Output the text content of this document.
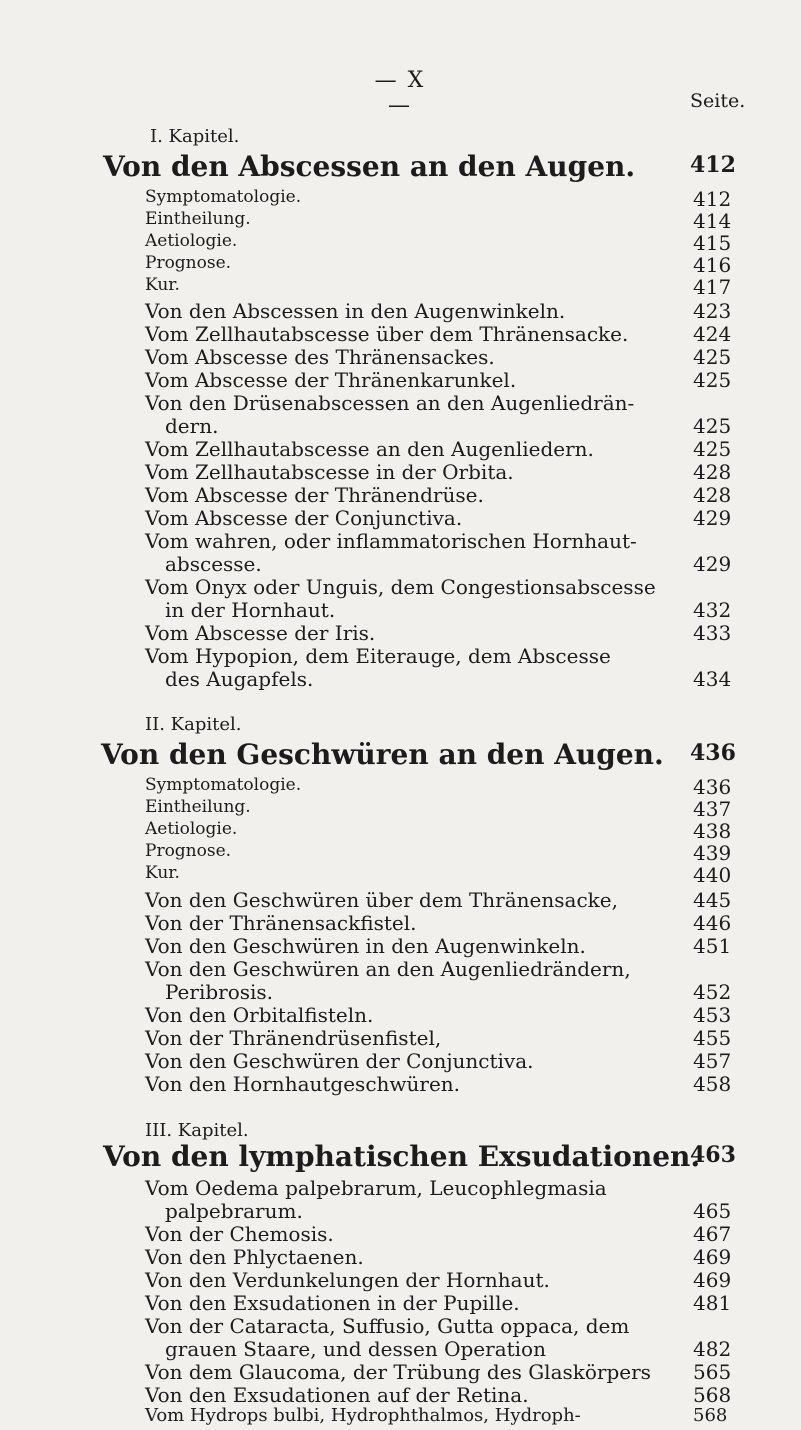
— X —	Seite.
I. Kapitel.
Von den Abscessen an den Augen. 412
Symptomatologie.	412
Eintheilung.	414
Aetiologie.	415
Prognose.	416
Kur.	417
Von den Abscessen in den Augenwinkeln.	423
Vom Zellhautabscesse über dem Thränensacke.	424
Vom Abscesse des Thränensackes.	425
Vom Abscesse der Thränenkarunkel.	425
Von den Drüsenabscessen an den Augenliedrän-
dern.	425
Vom Zellhautabscesse an den Augenliedern.	425
Vom Zellhautabscesse in der Orbita.	428
Vom Abscesse der Thränendrüse.	428
Vom Abscesse der Conjunctiva.	429
Vom wahren, oder inflammatorischen Hornhaut-
abscesse.	429
Vom Onyx oder Unguis, dem Congestionsabscesse
in der Hornhaut.	432
Vom Abscesse der Iris.	433
Vom Hypopion, dem Eiterauge, dem Abscesse
des Augapfels.	434
II. Kapitel.
Von den Geschwüren an den Augen. 436
Symptomatologie.	436
Eintheilung.	437
Aetiologie.	438
Prognose.	439
Kur.	440
Von den Geschwüren über dem Thränensacke,	445
Von der Thränensackfistel.	446
Von den Geschwüren in den Augenwinkeln.	451
Von den Geschwüren an den Augenliedrändern,
Peribrosis.	452
Von den Orbitalfisteln.	453
Von der Thränendrüsenfistel,	455
Von den Geschwüren der Conjunctiva.	457
Von den Hornhautgeschwüren.	458
III. Kapitel.
Von den lymphatischen Exsudationen.
463
Vom Oedema palpebrarum, Leucophlegmasia
palpebrarum.	465
Von der Chemosis.	467
Von den Phlyctaenen.	469
Von den Verdunkelungen der Hornhaut.	469
Von den Exsudationen in der Pupille.	481
Von der Cataracta, Suffusio, Gutta oppaca, dem
grauen Staare, und dessen Operation	482
Von dem Glaucoma, der Trübung des Glaskörpers 565
Von den Exsudationen auf der Retina.	568
Vom Hydrops bulbi, Hydrophthalmos, Hydroph-	568
